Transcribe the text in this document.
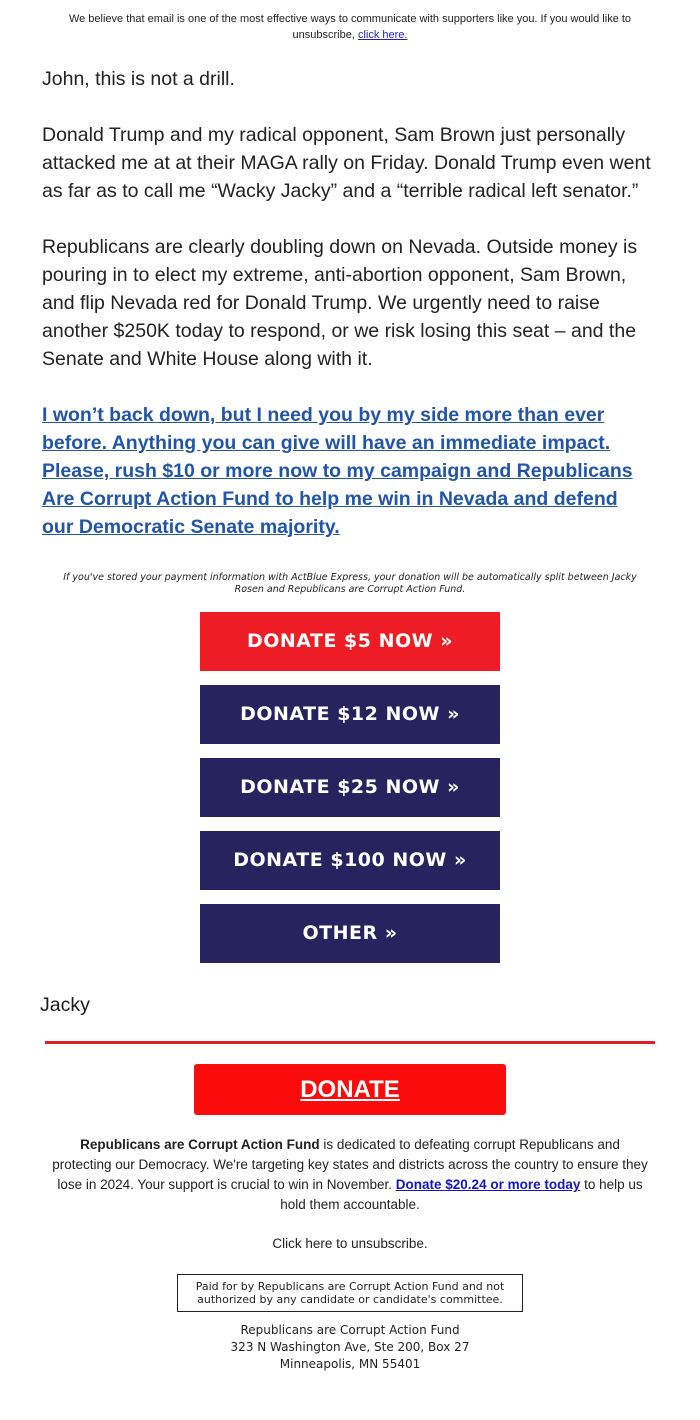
We believe that email is one of the most effective ways to communicate with supporters like you. If you would like to unsubscribe, click here.

John, this is not a drill.

Donald Trump and my radical opponent, Sam Brown just personally attacked me at at their MAGA rally on Friday. Donald Trump even went as far as to call me “Wacky Jacky” and a “terrible radical left senator.”

Republicans are clearly doubling down on Nevada. Outside money is pouring in to elect my extreme, anti-abortion opponent, Sam Brown, and flip Nevada red for Donald Trump. We urgently need to raise another $250K today to respond, or we risk losing this seat – and the Senate and White House along with it.

I won’t back down, but I need you by my side more than ever before. Anything you can give will have an immediate impact. Please, rush $10 or more now to my campaign and Republicans Are Corrupt Action Fund to help me win in Nevada and defend our Democratic Senate majority.
If you've stored your payment information with ActBlue Express, your donation will be automatically split between Jacky Rosen and Republicans are Corrupt Action Fund.
DONATE $5 NOW »
DONATE $12 NOW »
DONATE $25 NOW »
DONATE $100 NOW »
OTHER »
Jacky
DONATE
Republicans are Corrupt Action Fund is dedicated to defeating corrupt Republicans and protecting our Democracy. We're targeting key states and districts across the country to ensure they lose in 2024. Your support is crucial to win in November. Donate $20.24 or more today to help us hold them accountable.
Click here to unsubscribe.
Paid for by Republicans are Corrupt Action Fund and not authorized by any candidate or candidate's committee.
Republicans are Corrupt Action Fund
323 N Washington Ave, Ste 200, Box 27
Minneapolis, MN 55401
